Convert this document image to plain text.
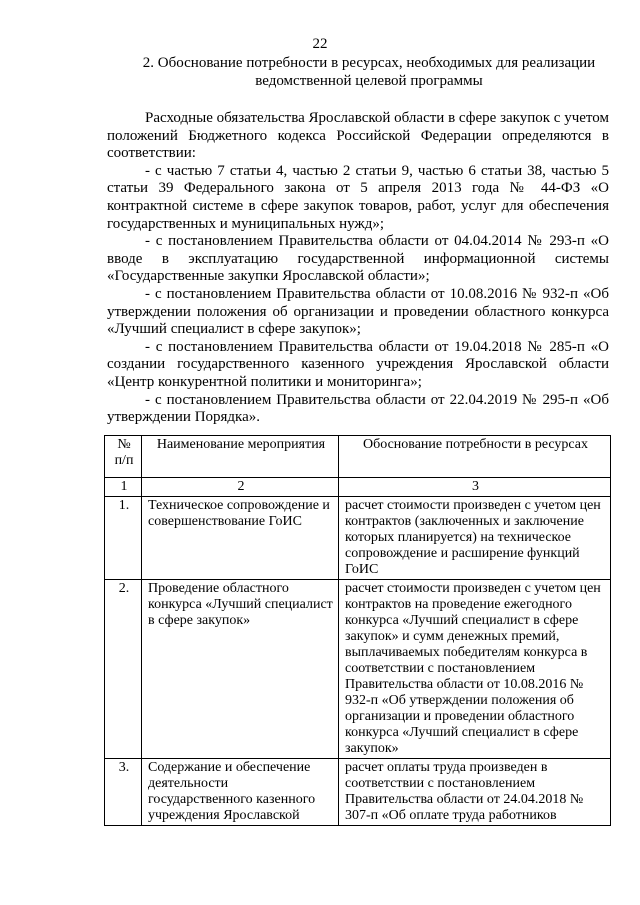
22
2. Обоснование потребности в ресурсах, необходимых для реализации ведомственной целевой программы

Расходные обязательства Ярославской области в сфере закупок с учетом положений Бюджетного кодекса Российской Федерации определяются в соответствии:

- с частью 7 статьи 4, частью 2 статьи 9, частью 6 статьи 38, частью 5 статьи 39 Федерального закона от 5 апреля 2013 года № 44-ФЗ «О контрактной системе в сфере закупок товаров, работ, услуг для обеспечения государственных и муниципальных нужд»;

- с постановлением Правительства области от 04.04.2014 № 293-п «О вводе в эксплуатацию государственной информационной системы «Государственные закупки Ярославской области»;

- с постановлением Правительства области от 10.08.2016 № 932-п «Об утверждении положения об организации и проведении областного конкурса «Лучший специалист в сфере закупок»;

- с постановлением Правительства области от 19.04.2018 № 285-п «О создании государственного казенного учреждения Ярославской области «Центр конкурентной политики и мониторинга»;

- с постановлением Правительства области от 22.04.2019 № 295-п «Об утверждении Порядка».

№ п/п	Наименование мероприятия	Обоснование потребности в ресурсах
1	2	3
1.	Техническое сопровождение и совершенствование ГоИС	расчет стоимости произведен с учетом цен контрактов (заключенных и заключение которых планируется) на техническое сопровождение и расширение функций ГоИС
2.	Проведение областного конкурса «Лучший специалист в сфере закупок»	расчет стоимости произведен с учетом цен контрактов на проведение ежегодного конкурса «Лучший специалист в сфере закупок» и сумм денежных премий, выплачиваемых победителям конкурса в соответствии с постановлением Правительства области от 10.08.2016 № 932-п «Об утверждении положения об организации и проведении областного конкурса «Лучший специалист в сфере закупок»
3.	Содержание и обеспечение деятельности государственного казенного учреждения Ярославской	расчет оплаты труда произведен в соответствии с постановлением Правительства области от 24.04.2018 № 307-п «Об оплате труда работников
